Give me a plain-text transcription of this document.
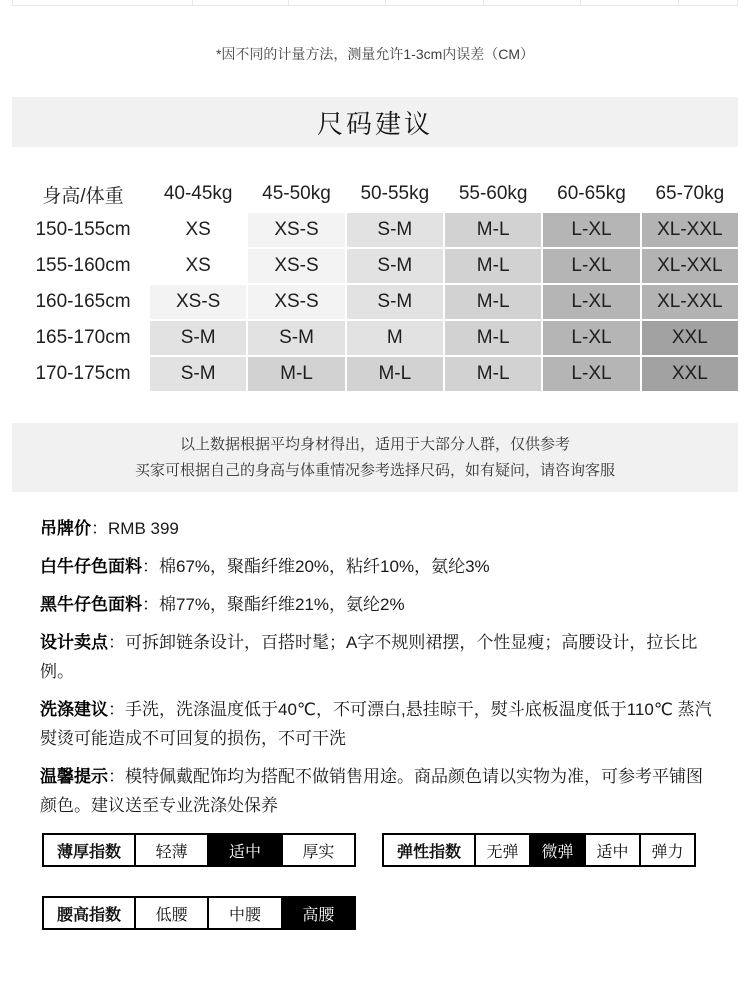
*因不同的计量方法，测量允许1-3cm内误差（CM）
尺码建议
身高/体重	40-45kg	45-50kg	50-55kg	55-60kg	60-65kg	65-70kg
150-155cm	XS	XS-S	S-M	M-L	L-XL	XL-XXL
155-160cm	XS	XS-S	S-M	M-L	L-XL	XL-XXL
160-165cm	XS-S	XS-S	S-M	M-L	L-XL	XL-XXL
165-170cm	S-M	S-M	M	M-L	L-XL	XXL
170-175cm	S-M	M-L	M-L	M-L	L-XL	XXL
以上数据根据平均身材得出，适用于大部分人群，仅供参考
买家可根据自己的身高与体重情况参考选择尺码，如有疑问，请咨询客服

吊牌价：RMB 399

白牛仔色面料：棉67%，聚酯纤维20%，粘纤10%，氨纶3%

黑牛仔色面料：棉77%，聚酯纤维21%，氨纶2%

设计卖点：可拆卸链条设计，百搭时髦；A字不规则裙摆，个性显瘦；高腰设计，拉长比例。

洗涤建议：手洗，洗涤温度低于40℃，不可漂白,悬挂晾干，熨斗底板温度低于110℃ 蒸汽熨烫可能造成不可回复的损伤，不可干洗

温馨提示：模特佩戴配饰均为搭配不做销售用途。商品颜色请以实物为准，可参考平铺图颜色。建议送至专业洗涤处保养

薄厚指数	轻薄	适中	厚实	弹性指数	无弹	微弹	适中	弹力
腰高指数	低腰	中腰	高腰
